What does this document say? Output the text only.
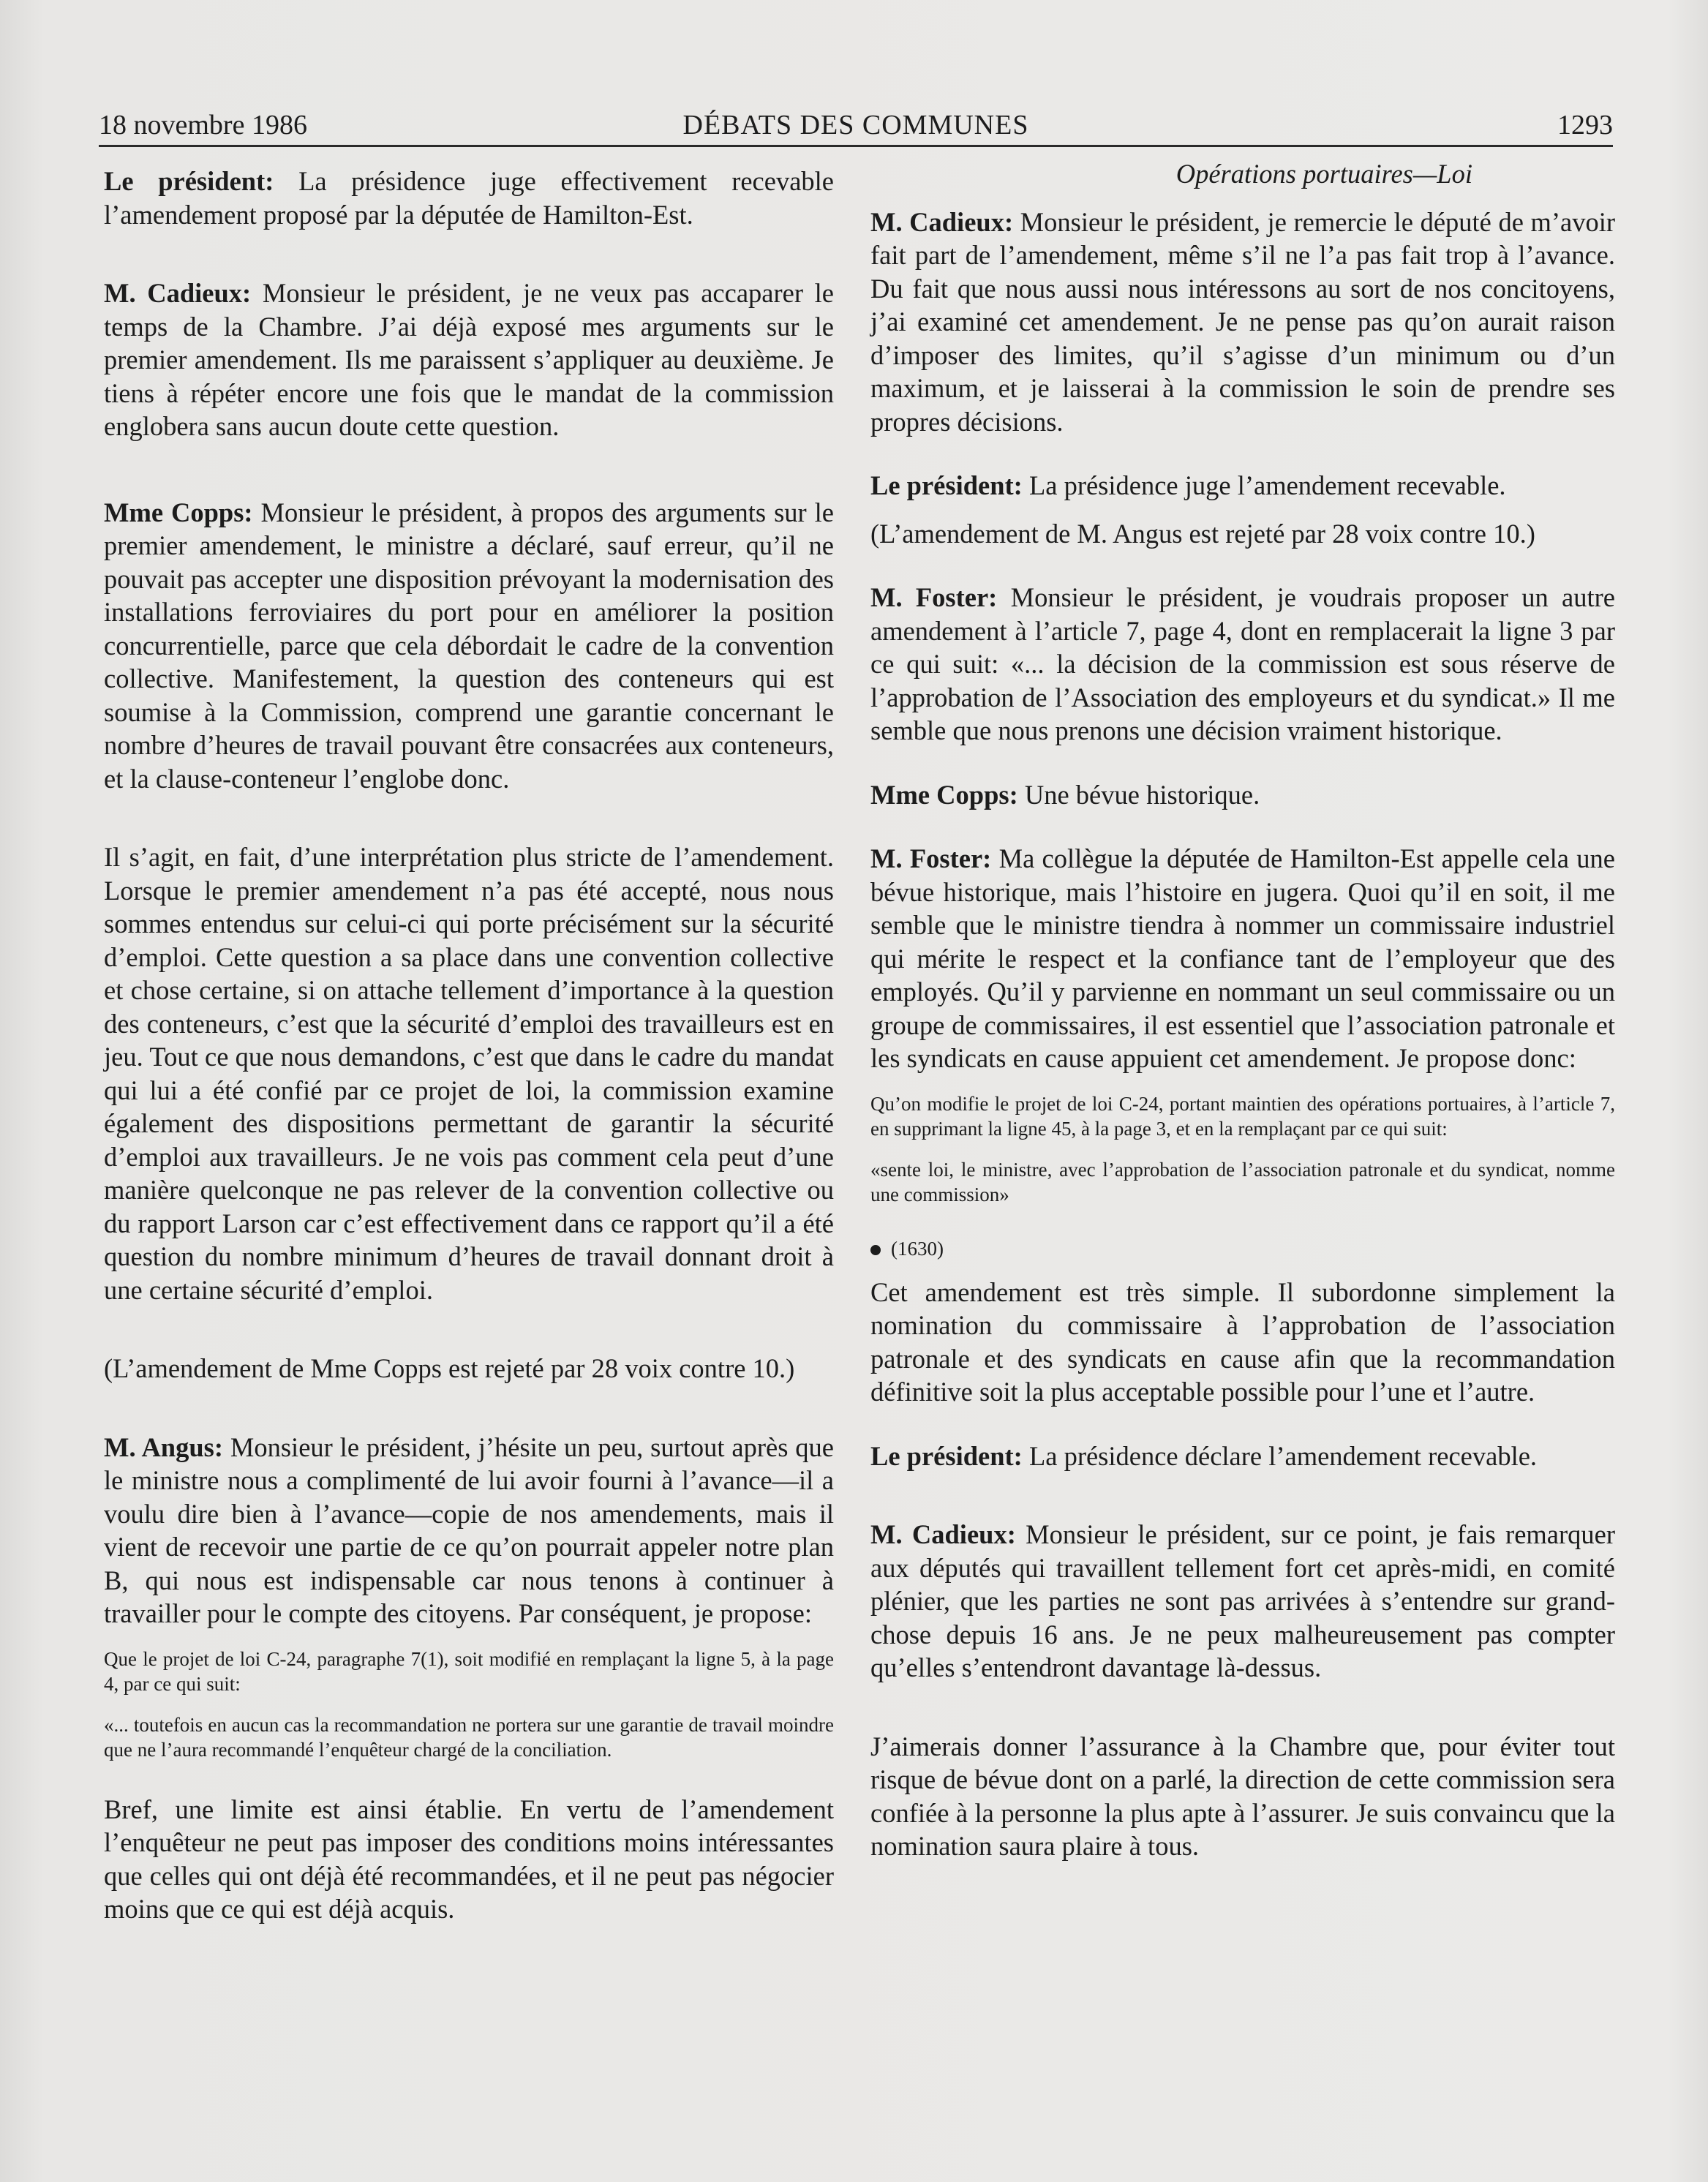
18 novembre 1986	DÉBATS DES COMMUNES	1293

Le président: La présidence juge effectivement recevable l’amendement proposé par la députée de Hamilton-Est.

M. Cadieux: Monsieur le président, je ne veux pas accaparer le temps de la Chambre. J’ai déjà exposé mes arguments sur le premier amendement. Ils me paraissent s’appliquer au deuxième. Je tiens à répéter encore une fois que le mandat de la commission englobera sans aucun doute cette question.

Mme Copps: Monsieur le président, à propos des arguments sur le premier amendement, le ministre a déclaré, sauf erreur, qu’il ne pouvait pas accepter une disposition prévoyant la modernisation des installations ferroviaires du port pour en améliorer la position concurrentielle, parce que cela débordait le cadre de la convention collective. Manifestement, la question des conteneurs qui est soumise à la Commission, comprend une garantie concernant le nombre d’heures de travail pouvant être consacrées aux conteneurs, et la clause-conteneur l’englobe donc.

Il s’agit, en fait, d’une interprétation plus stricte de l’amendement. Lorsque le premier amendement n’a pas été accepté, nous nous sommes entendus sur celui-ci qui porte précisément sur la sécurité d’emploi. Cette question a sa place dans une convention collective et chose certaine, si on attache tellement d’importance à la question des conteneurs, c’est que la sécurité d’emploi des travailleurs est en jeu. Tout ce que nous demandons, c’est que dans le cadre du mandat qui lui a été confié par ce projet de loi, la commission examine également des dispositions permettant de garantir la sécurité d’emploi aux travailleurs. Je ne vois pas comment cela peut d’une manière quelconque ne pas relever de la convention collective ou du rapport Larson car c’est effectivement dans ce rapport qu’il a été question du nombre minimum d’heures de travail donnant droit à une certaine sécurité d’emploi.

(L’amendement de Mme Copps est rejeté par 28 voix contre 10.)

M. Angus: Monsieur le président, j’hésite un peu, surtout après que le ministre nous a complimenté de lui avoir fourni à l’avance—il a voulu dire bien à l’avance—copie de nos amendements, mais il vient de recevoir une partie de ce qu’on pourrait appeler notre plan B, qui nous est indispensable car nous tenons à continuer à travailler pour le compte des citoyens. Par conséquent, je propose:

Que le projet de loi C-24, paragraphe 7(1), soit modifié en remplaçant la ligne 5, à la page 4, par ce qui suit:

«... toutefois en aucun cas la recommandation ne portera sur une garantie de travail moindre que ne l’aura recommandé l’enquêteur chargé de la conciliation.

Bref, une limite est ainsi établie. En vertu de l’amendement l’enquêteur ne peut pas imposer des conditions moins intéressantes que celles qui ont déjà été recommandées, et il ne peut pas négocier moins que ce qui est déjà acquis.

Opérations portuaires—Loi

M. Cadieux: Monsieur le président, je remercie le député de m’avoir fait part de l’amendement, même s’il ne l’a pas fait trop à l’avance. Du fait que nous aussi nous intéressons au sort de nos concitoyens, j’ai examiné cet amendement. Je ne pense pas qu’on aurait raison d’imposer des limites, qu’il s’agisse d’un minimum ou d’un maximum, et je laisserai à la commission le soin de prendre ses propres décisions.

Le président: La présidence juge l’amendement recevable.

(L’amendement de M. Angus est rejeté par 28 voix contre 10.)

M. Foster: Monsieur le président, je voudrais proposer un autre amendement à l’article 7, page 4, dont en remplacerait la ligne 3 par ce qui suit: «... la décision de la commission est sous réserve de l’approbation de l’Association des employeurs et du syndicat.» Il me semble que nous prenons une décision vraiment historique.

Mme Copps: Une bévue historique.

M. Foster: Ma collègue la députée de Hamilton-Est appelle cela une bévue historique, mais l’histoire en jugera. Quoi qu’il en soit, il me semble que le ministre tiendra à nommer un commissaire industriel qui mérite le respect et la confiance tant de l’employeur que des employés. Qu’il y parvienne en nommant un seul commissaire ou un groupe de commissaires, il est essentiel que l’association patronale et les syndicats en cause appuient cet amendement. Je propose donc:

Qu’on modifie le projet de loi C-24, portant maintien des opérations portuaires, à l’article 7, en supprimant la ligne 45, à la page 3, et en la remplaçant par ce qui suit:

«sente loi, le ministre, avec l’approbation de l’association patronale et du syndicat, nomme une commission»

(1630)

Cet amendement est très simple. Il subordonne simplement la nomination du commissaire à l’approbation de l’association patronale et des syndicats en cause afin que la recommandation définitive soit la plus acceptable possible pour l’une et l’autre.

Le président: La présidence déclare l’amendement recevable.

M. Cadieux: Monsieur le président, sur ce point, je fais remarquer aux députés qui travaillent tellement fort cet après-midi, en comité plénier, que les parties ne sont pas arrivées à s’entendre sur grand-chose depuis 16 ans. Je ne peux malheureusement pas compter qu’elles s’entendront davantage là-dessus.

J’aimerais donner l’assurance à la Chambre que, pour éviter tout risque de bévue dont on a parlé, la direction de cette commission sera confiée à la personne la plus apte à l’assurer. Je suis convaincu que la nomination saura plaire à tous.
